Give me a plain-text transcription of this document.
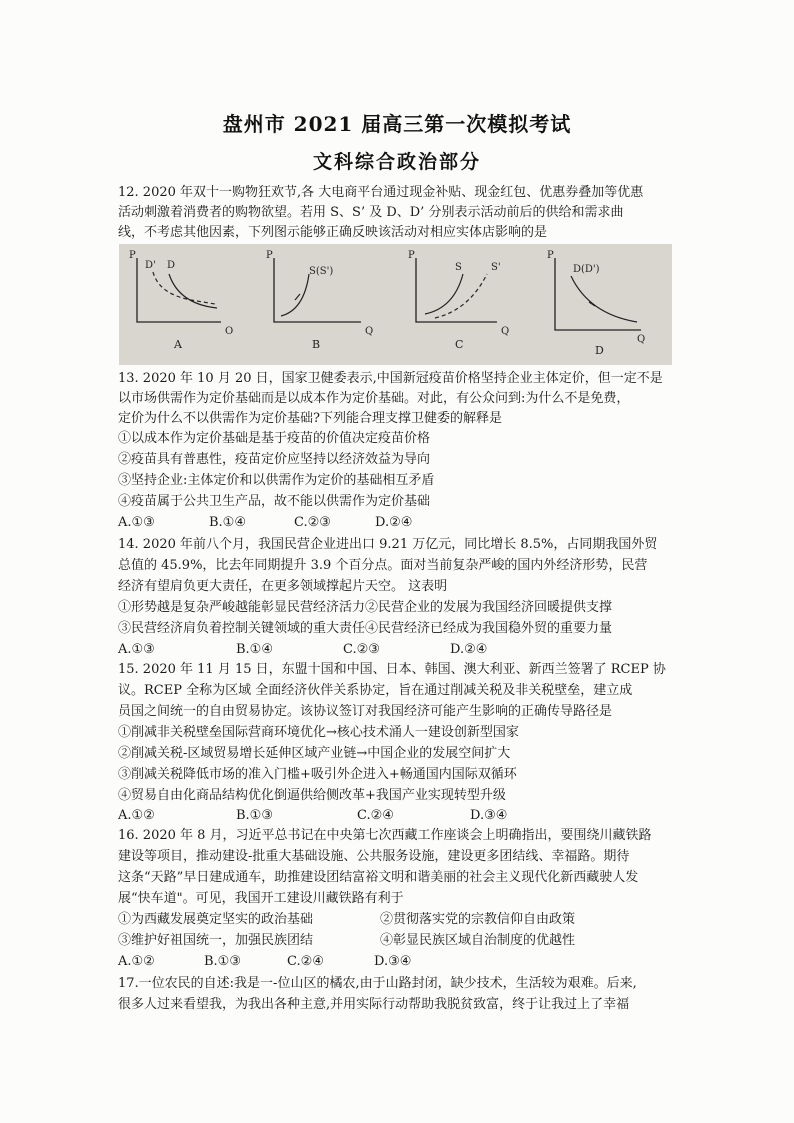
盘州市 2021 届高三第一次模拟考试
文科综合政治部分
12. 2020 年双十一购物狂欢节,各 大电商平台通过现金补贴、现金红包、优惠券叠加等优惠
活动刺激着消费者的购物欲望。若用 S、S’ 及 D、D’ 分别表示活动前后的供给和需求曲
线，不考虑其他因素，下列图示能够正确反映该活动对相应实体店影响的是
P
O
D' D
A
P
Q
S(S')
B
P
Q
S	S'
C
P
Q
D(D')
D
13. 2020 年 10 月 20 日，国家卫健委表示,中国新冠疫苗价格坚持企业主体定价，但一定不是
以市场供需作为定价基础而是以成本作为定价基础。对此，有公众问到:为什么不是免费，
定价为什么不以供需作为定价基础?下列能合理支撑卫健委的解释是
①以成本作为定价基础是基于疫苗的价值决定疫苗价格
②疫苗具有普惠性，疫苗定价应坚持以经济效益为导向
③坚持企业:主体定价和以供需作为定价的基础相互矛盾
④疫苗属于公共卫生产品，故不能以供需作为定价基础
A.①③	B.①④	C.②③	D.②④
14. 2020 年前八个月，我国民营企业进出口 9.21 万亿元，同比增长 8.5%，占同期我国外贸
总值的 45.9%，比去年同期提升 3.9 个百分点。面对当前复杂严峻的国内外经济形势，民营
经济有望肩负更大责任，在更多领域撑起片天空。 这表明
①形势越是复杂严峻越能彰显民营经济活力②民营企业的发展为我国经济回暖提供支撑
③民营经济肩负着控制关键领域的重大责任④民营经济已经成为我国稳外贸的重要力量
A.①③	B.①④	C.②③	D.②④
15. 2020 年 11 月 15 日，东盟十国和中国、日本、韩国、澳大利亚、新西兰签署了 RCEP 协
议。RCEP 全称为区域 全面经济伙伴关系协定，旨在通过削减关税及非关税壁垒，建立成
员国之间统一的自由贸易协定。该协议签订对我国经济可能产生影响的正确传导路径是
①削减非关税壁垒国际营商环境优化→核心技术涌人一建设创新型国家
②削减关税-区域贸易增长延伸区域产业链→中国企业的发展空间扩大
③削减关税降低市场的准入门槛+吸引外企进入+畅通国内国际双循环
④贸易自由化商品结构优化倒逼供给侧改革+我国产业实现转型升级
A.①②	B.①③	C.②④	D.③④
16. 2020 年 8 月，习近平总书记在中央第七次西藏工作座谈会上明确指出，要围绕川藏铁路
建设等项目，推动建设-批重大基础设施、公共服务设施，建设更多团结线、幸福路。期待
这条“天路”早日建成通车，助推建设团结富裕文明和谐美丽的社会主义现代化新西藏驶人发
展“快车道"。可见，我国开工建设川藏铁路有利于
①为西藏发展奠定坚实的政治基础	②贯彻落实党的宗教信仰自由政策
③维护好祖国统一，加强民族团结	④彰显民族区域自治制度的优越性
A.①②	B.①③	C.②④	D.③④
17.一位农民的自述:我是一-位山区的橘农,由于山路封闭，缺少技术，生活较为艰难。后来,
很多人过来看望我，为我出各种主意,并用实际行动帮助我脱贫致富，终于让我过上了幸福
